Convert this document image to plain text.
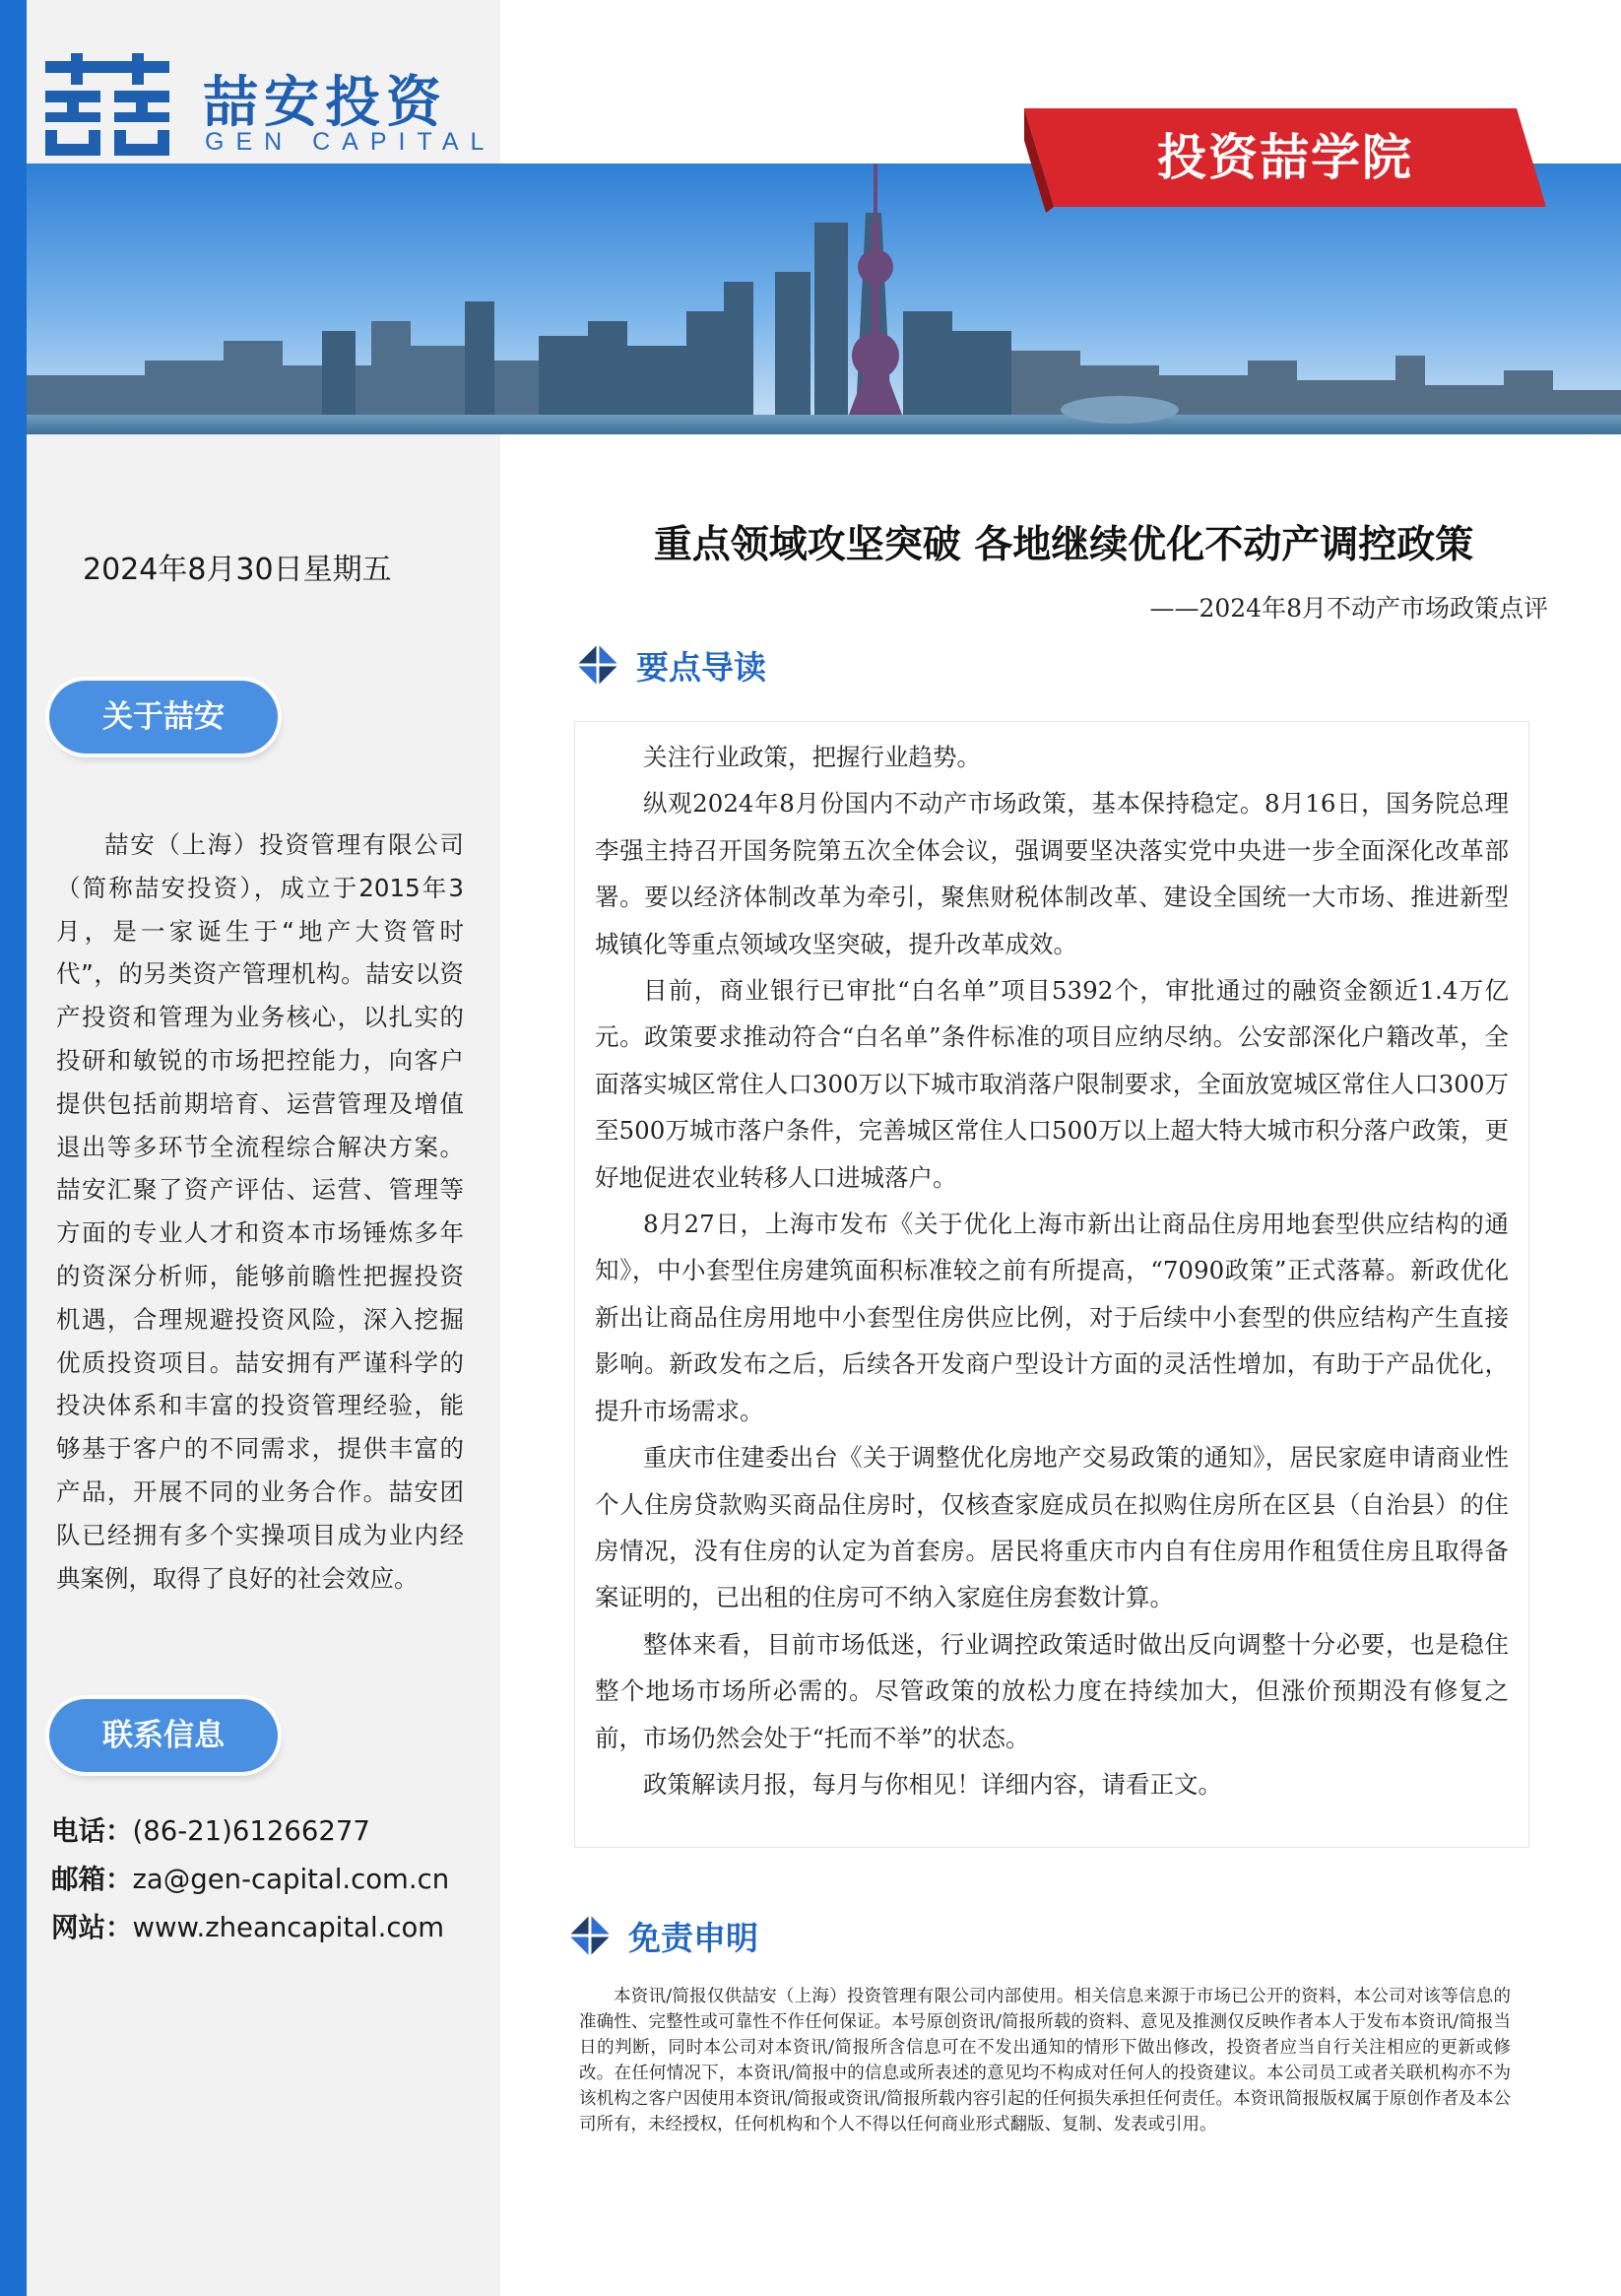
喆安投资
GEN CAPITAL	投资喆学院
2024年8月30日星期五
关于喆安
喆安（上海）投资管理有限公司（简称喆安投资），成立于2015年3月，是一家诞生于“地产大资管时代”，的另类资产管理机构。喆安以资产投资和管理为业务核心，以扎实的投研和敏锐的市场把控能力，向客户提供包括前期培育、运营管理及增值退出等多环节全流程综合解决方案。喆安汇聚了资产评估、运营、管理等方面的专业人才和资本市场锤炼多年的资深分析师，能够前瞻性把握投资机遇，合理规避投资风险，深入挖掘优质投资项目。喆安拥有严谨科学的投决体系和丰富的投资管理经验，能够基于客户的不同需求，提供丰富的产品，开展不同的业务合作。喆安团队已经拥有多个实操项目成为业内经典案例，取得了良好的社会效应。
联系信息
电话：(86-21)61266277
邮箱：za@gen-capital.com.cn
网站：www.zheancapital.com
重点领域攻坚突破 各地继续优化不动产调控政策
——2024年8月不动产市场政策点评
要点导读

关注行业政策，把握行业趋势。

纵观2024年8月份国内不动产市场政策，基本保持稳定。8月16日，国务院总理李强主持召开国务院第五次全体会议，强调要坚决落实党中央进一步全面深化改革部署。要以经济体制改革为牵引，聚焦财税体制改革、建设全国统一大市场、推进新型城镇化等重点领域攻坚突破，提升改革成效。

目前，商业银行已审批“白名单”项目5392个，审批通过的融资金额近1.4万亿元。政策要求推动符合“白名单”条件标准的项目应纳尽纳。公安部深化户籍改革，全面落实城区常住人口300万以下城市取消落户限制要求，全面放宽城区常住人口300万至500万城市落户条件，完善城区常住人口500万以上超大特大城市积分落户政策，更好地促进农业转移人口进城落户。

8月27日，上海市发布《关于优化上海市新出让商品住房用地套型供应结构的通知》，中小套型住房建筑面积标准较之前有所提高，“7090政策”正式落幕。新政优化新出让商品住房用地中小套型住房供应比例，对于后续中小套型的供应结构产生直接影响。新政发布之后，后续各开发商户型设计方面的灵活性增加，有助于产品优化，提升市场需求。

重庆市住建委出台《关于调整优化房地产交易政策的通知》，居民家庭申请商业性个人住房贷款购买商品住房时，仅核查家庭成员在拟购住房所在区县（自治县）的住房情况，没有住房的认定为首套房。居民将重庆市内自有住房用作租赁住房且取得备案证明的，已出租的住房可不纳入家庭住房套数计算。

整体来看，目前市场低迷，行业调控政策适时做出反向调整十分必要，也是稳住整个地场市场所必需的。尽管政策的放松力度在持续加大，但涨价预期没有修复之前，市场仍然会处于“托而不举”的状态。

政策解读月报，每月与你相见！详细内容，请看正文。

免责申明
本资讯/简报仅供喆安（上海）投资管理有限公司内部使用。相关信息来源于市场已公开的资料，本公司对该等信息的准确性、完整性或可靠性不作任何保证。本号原创资讯/简报所载的资料、意见及推测仅反映作者本人于发布本资讯/简报当日的判断，同时本公司对本资讯/简报所含信息可在不发出通知的情形下做出修改，投资者应当自行关注相应的更新或修改。在任何情况下，本资讯/简报中的信息或所表述的意见均不构成对任何人的投资建议。本公司员工或者关联机构亦不为该机构之客户因使用本资讯/简报或资讯/简报所载内容引起的任何损失承担任何责任。本资讯简报版权属于原创作者及本公司所有，未经授权，任何机构和个人不得以任何商业形式翻版、复制、发表或引用。
